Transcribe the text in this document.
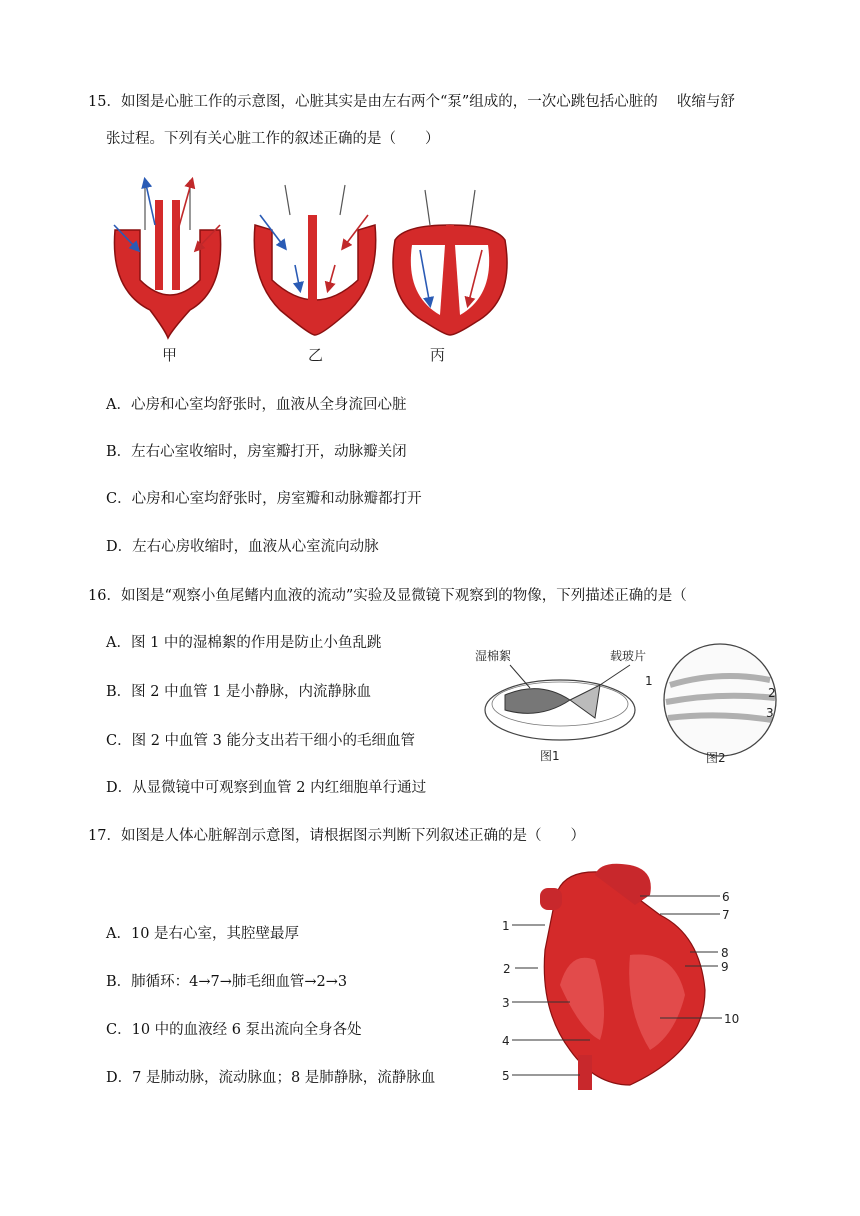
15．如图是心脏工作的示意图，心脏其实是由左右两个“泵”组成的，一次心跳包括心脏的　 收缩与舒
张过程。下列有关心脏工作的叙述正确的是（　　）
甲	乙	丙
A．心房和心室均舒张时，血液从全身流回心脏
B．左右心室收缩时，房室瓣打开，动脉瓣关闭
C．心房和心室均舒张时，房室瓣和动脉瓣都打开
D．左右心房收缩时，血液从心室流向动脉
16．如图是“观察小鱼尾鳍内血液的流动”实验及显微镜下观察到的物像，下列描述正确的是（
湿棉絮	载玻片
图1
1
2
3
图2
A．图 1 中的湿棉絮的作用是防止小鱼乱跳
B．图 2 中血管 1 是小静脉，内流静脉血
C．图 2 中血管 3 能分支出若干细小的毛细血管
D．从显微镜中可观察到血管 2 内红细胞单行通过
17．如图是人体心脏解剖示意图，请根据图示判断下列叙述正确的是（　　）
1
2
3
4
5
6
7
8
9
10
A．10 是右心室，其腔壁最厚
B．肺循环：4→7→肺毛细血管→2→3
C．10 中的血液经 6 泵出流向全身各处
D．7 是肺动脉，流动脉血；8 是肺静脉，流静脉血
